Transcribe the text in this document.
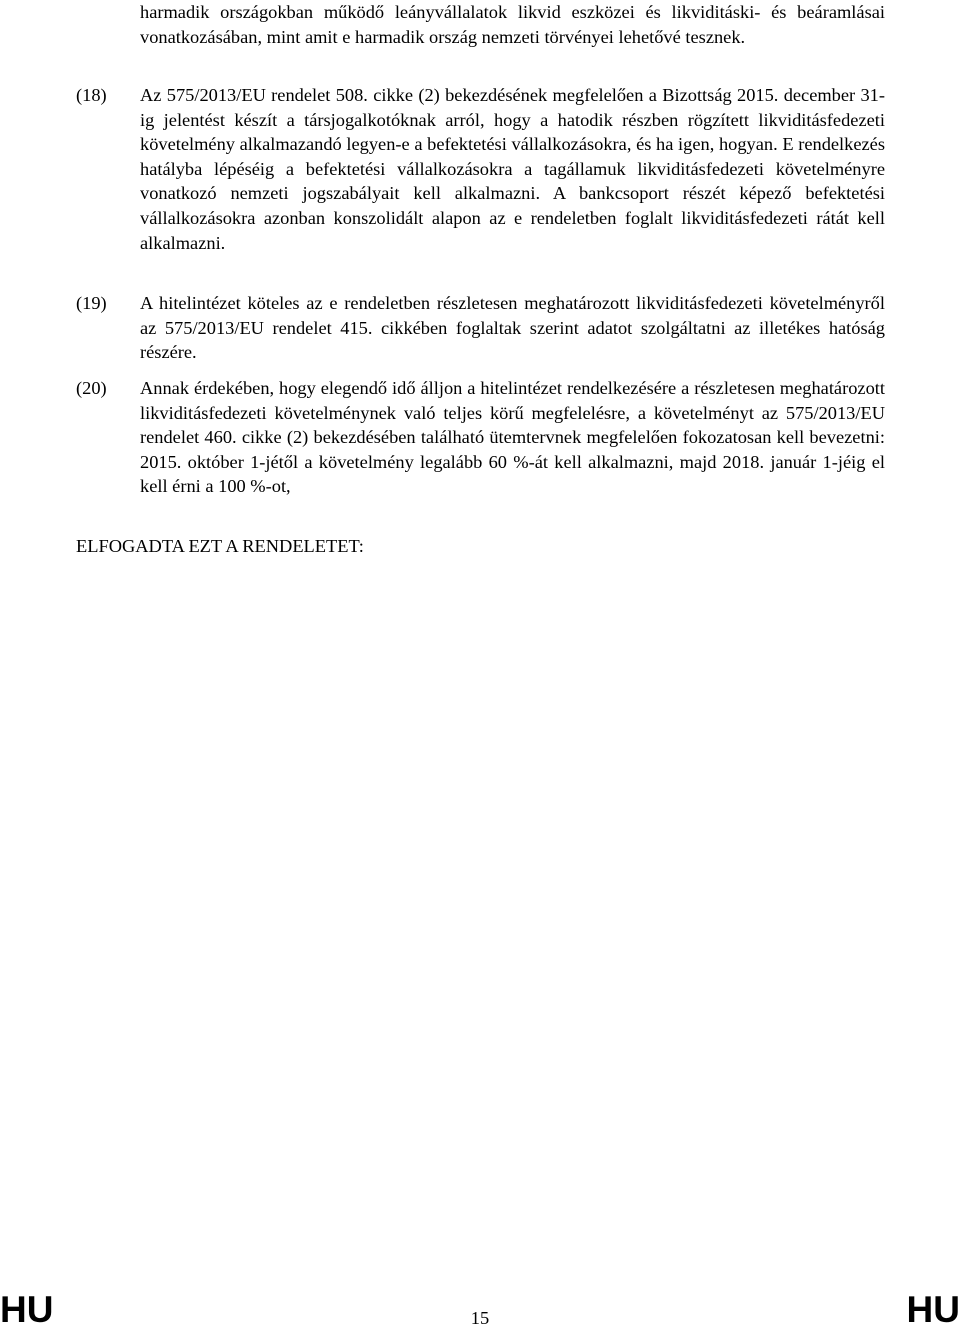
harmadik országokban működő leányvállalatok likvid eszközei és likviditáski- és beáramlásai vonatkozásában, mint amit e harmadik ország nemzeti törvényei lehetővé tesznek.

(18) Az 575/2013/EU rendelet 508. cikke (2) bekezdésének megfelelően a Bizottság 2015. december 31-ig jelentést készít a társjogalkotóknak arról, hogy a hatodik részben rögzített likviditásfedezeti követelmény alkalmazandó legyen-e a befektetési vállalkozásokra, és ha igen, hogyan. E rendelkezés hatályba lépéséig a befektetési vállalkozásokra a tagállamuk likviditásfedezeti követelményre vonatkozó nemzeti jogszabályait kell alkalmazni. A bankcsoport részét képező befektetési vállalkozásokra azonban konszolidált alapon az e rendeletben foglalt likviditásfedezeti rátát kell alkalmazni.

(19) A hitelintézet köteles az e rendeletben részletesen meghatározott likviditásfedezeti követelményről az 575/2013/EU rendelet 415. cikkében foglaltak szerint adatot szolgáltatni az illetékes hatóság részére.

(20) Annak érdekében, hogy elegendő idő álljon a hitelintézet rendelkezésére a részletesen meghatározott likviditásfedezeti követelménynek való teljes körű megfelelésre, a követelményt az 575/2013/EU rendelet 460. cikke (2) bekezdésében található ütemtervnek megfelelően fokozatosan kell bevezetni: 2015. október 1-jétől a követelmény legalább 60 %-át kell alkalmazni, majd 2018. január 1-jéig el kell érni a 100 %-ot,

ELFOGADTA EZT A RENDELETET:

HU	15	HU
